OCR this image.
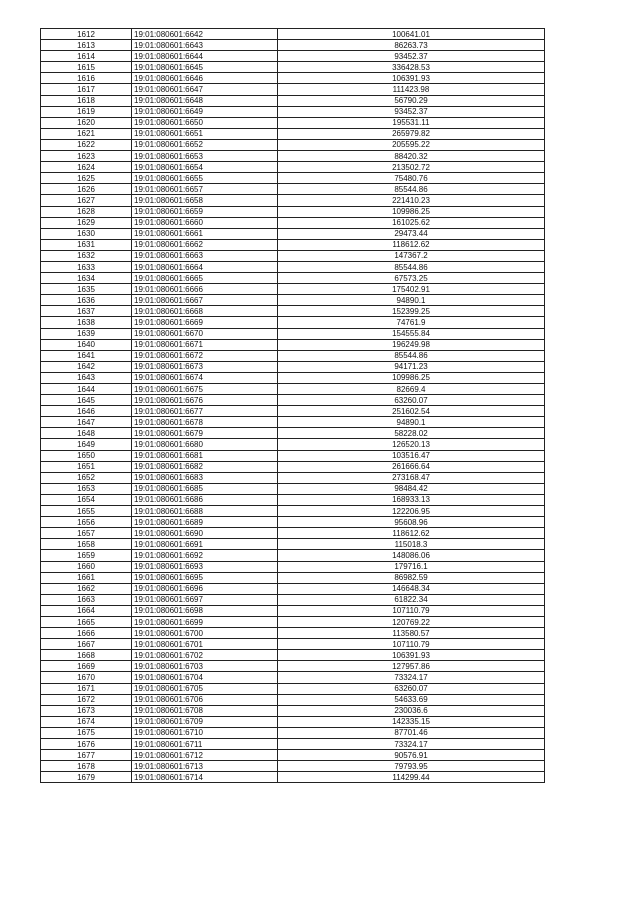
1612	19:01:080601:6642	100641.01
1613	19:01:080601:6643	86263.73
1614	19:01:080601:6644	93452.37
1615	19:01:080601:6645	336428.53
1616	19:01:080601:6646	106391.93
1617	19:01:080601:6647	111423.98
1618	19:01:080601:6648	56790.29
1619	19:01:080601:6649	93452.37
1620	19:01:080601:6650	195531.11
1621	19:01:080601:6651	265979.82
1622	19:01:080601:6652	205595.22
1623	19:01:080601:6653	88420.32
1624	19:01:080601:6654	213502.72
1625	19:01:080601:6655	75480.76
1626	19:01:080601:6657	85544.86
1627	19:01:080601:6658	221410.23
1628	19:01:080601:6659	109986.25
1629	19:01:080601:6660	161025.62
1630	19:01:080601:6661	29473.44
1631	19:01:080601:6662	118612.62
1632	19:01:080601:6663	147367.2
1633	19:01:080601:6664	85544.86
1634	19:01:080601:6665	67573.25
1635	19:01:080601:6666	175402.91
1636	19:01:080601:6667	94890.1
1637	19:01:080601:6668	152399.25
1638	19:01:080601:6669	74761.9
1639	19:01:080601:6670	154555.84
1640	19:01:080601:6671	196249.98
1641	19:01:080601:6672	85544.86
1642	19:01:080601:6673	94171.23
1643	19:01:080601:6674	109986.25
1644	19:01:080601:6675	82669.4
1645	19:01:080601:6676	63260.07
1646	19:01:080601:6677	251602.54
1647	19:01:080601:6678	94890.1
1648	19:01:080601:6679	58228.02
1649	19:01:080601:6680	126520.13
1650	19:01:080601:6681	103516.47
1651	19:01:080601:6682	261666.64
1652	19:01:080601:6683	273168.47
1653	19:01:080601:6685	98484.42
1654	19:01:080601:6686	168933.13
1655	19:01:080601:6688	122206.95
1656	19:01:080601:6689	95608.96
1657	19:01:080601:6690	118612.62
1658	19:01:080601:6691	115018.3
1659	19:01:080601:6692	148086.06
1660	19:01:080601:6693	179716.1
1661	19:01:080601:6695	86982.59
1662	19:01:080601:6696	146648.34
1663	19:01:080601:6697	61822.34
1664	19:01:080601:6698	107110.79
1665	19:01:080601:6699	120769.22
1666	19:01:080601:6700	113580.57
1667	19:01:080601:6701	107110.79
1668	19:01:080601:6702	106391.93
1669	19:01:080601:6703	127957.86
1670	19:01:080601:6704	73324.17
1671	19:01:080601:6705	63260.07
1672	19:01:080601:6706	54633.69
1673	19:01:080601:6708	230036.6
1674	19:01:080601:6709	142335.15
1675	19:01:080601:6710	87701.46
1676	19:01:080601:6711	73324.17
1677	19:01:080601:6712	90576.91
1678	19:01:080601:6713	79793.95
1679	19:01:080601:6714	114299.44
